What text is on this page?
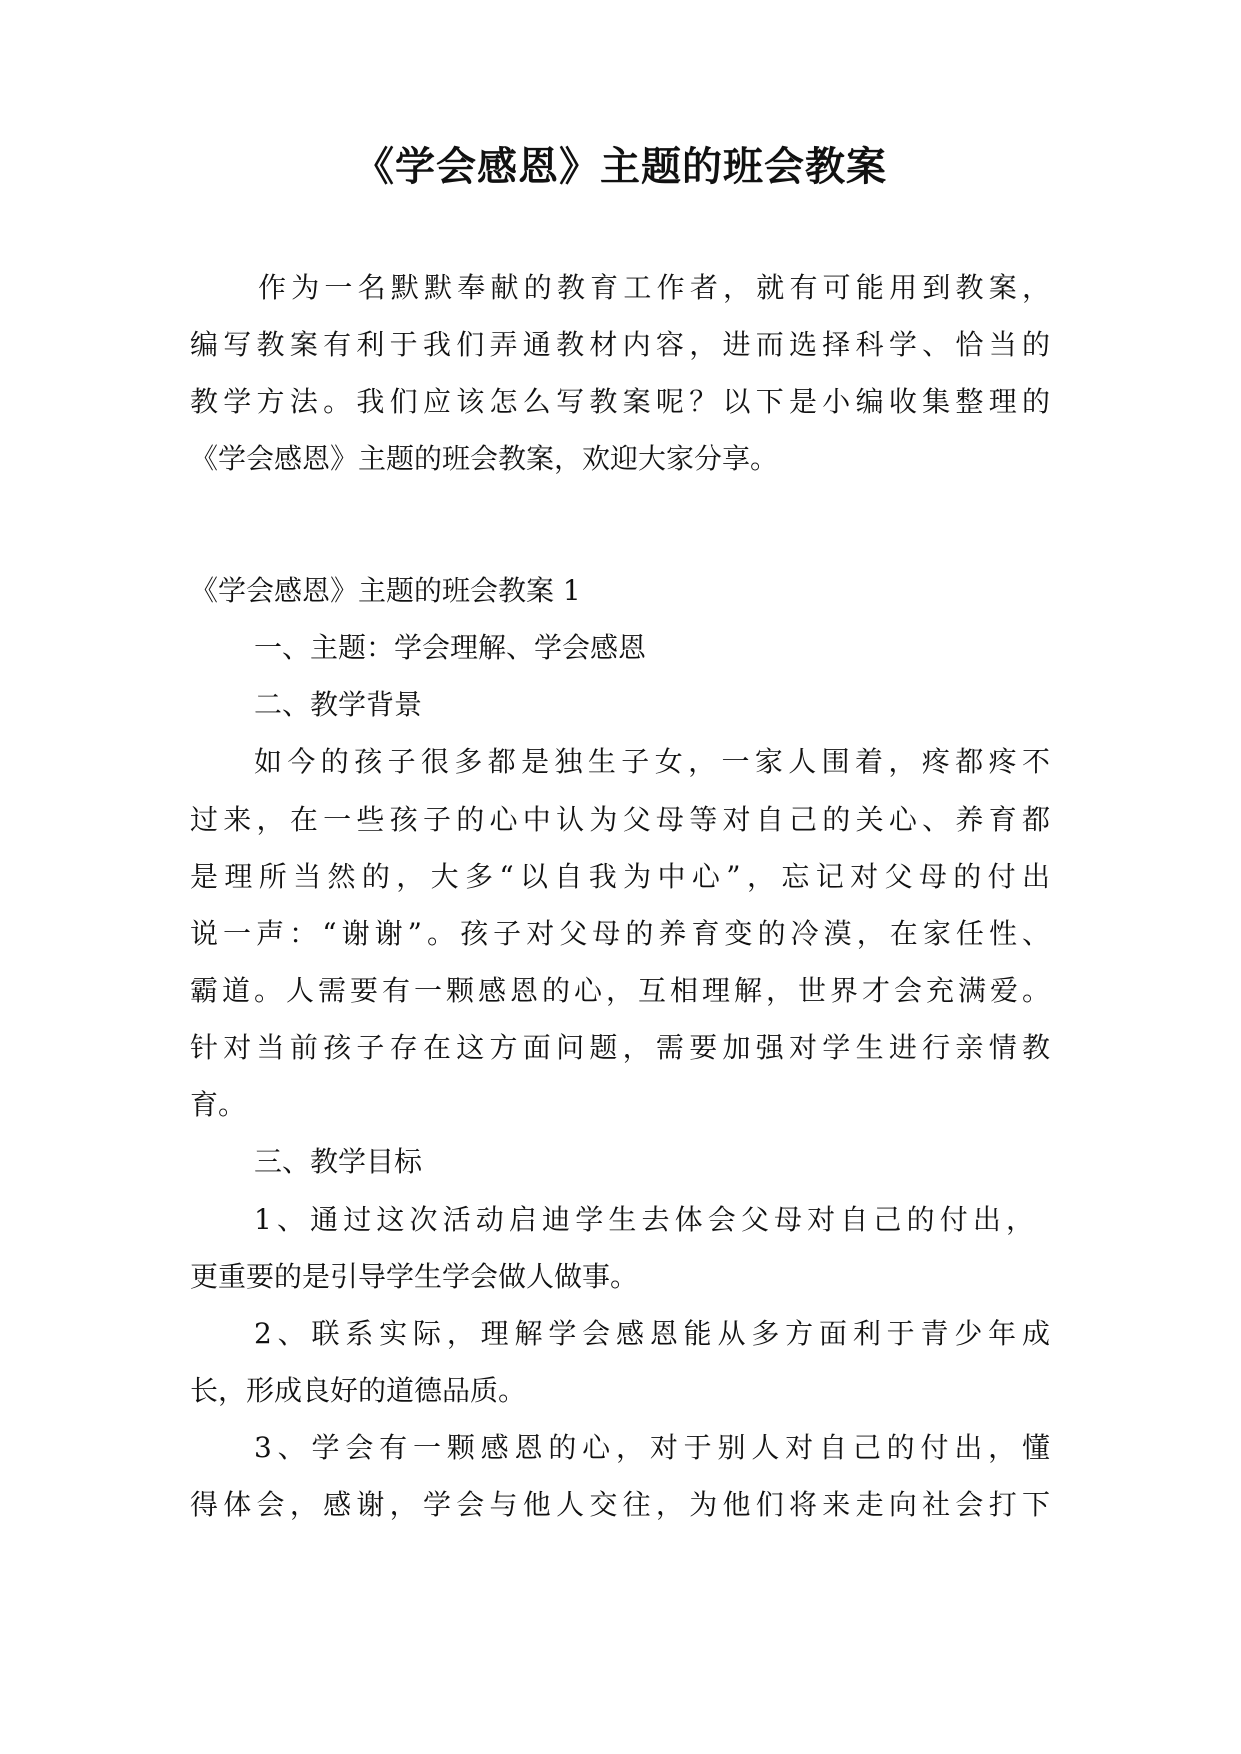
《学会感恩》主题的班会教案

作为一名默默奉献的教育工作者，就有可能用到教案，

编写教案有利于我们弄通教材内容，进而选择科学、恰当的

教学方法。我们应该怎么写教案呢？以下是小编收集整理的

《学会感恩》主题的班会教案，欢迎大家分享。

《学会感恩》主题的班会教案 1

一、主题：学会理解、学会感恩

二、教学背景

如今的孩子很多都是独生子女，一家人围着，疼都疼不

过来，在一些孩子的心中认为父母等对自己的关心、养育都

是理所当然的，大多“以自我为中心”，忘记对父母的付出

说一声：“谢谢”。孩子对父母的养育变的冷漠，在家任性、

霸道。人需要有一颗感恩的心，互相理解，世界才会充满爱。

针对当前孩子存在这方面问题，需要加强对学生进行亲情教

育。

三、教学目标

1、通过这次活动启迪学生去体会父母对自己的付出，

更重要的是引导学生学会做人做事。

2、联系实际，理解学会感恩能从多方面利于青少年成

长，形成良好的道德品质。

3、学会有一颗感恩的心，对于别人对自己的付出，懂

得体会，感谢，学会与他人交往，为他们将来走向社会打下
